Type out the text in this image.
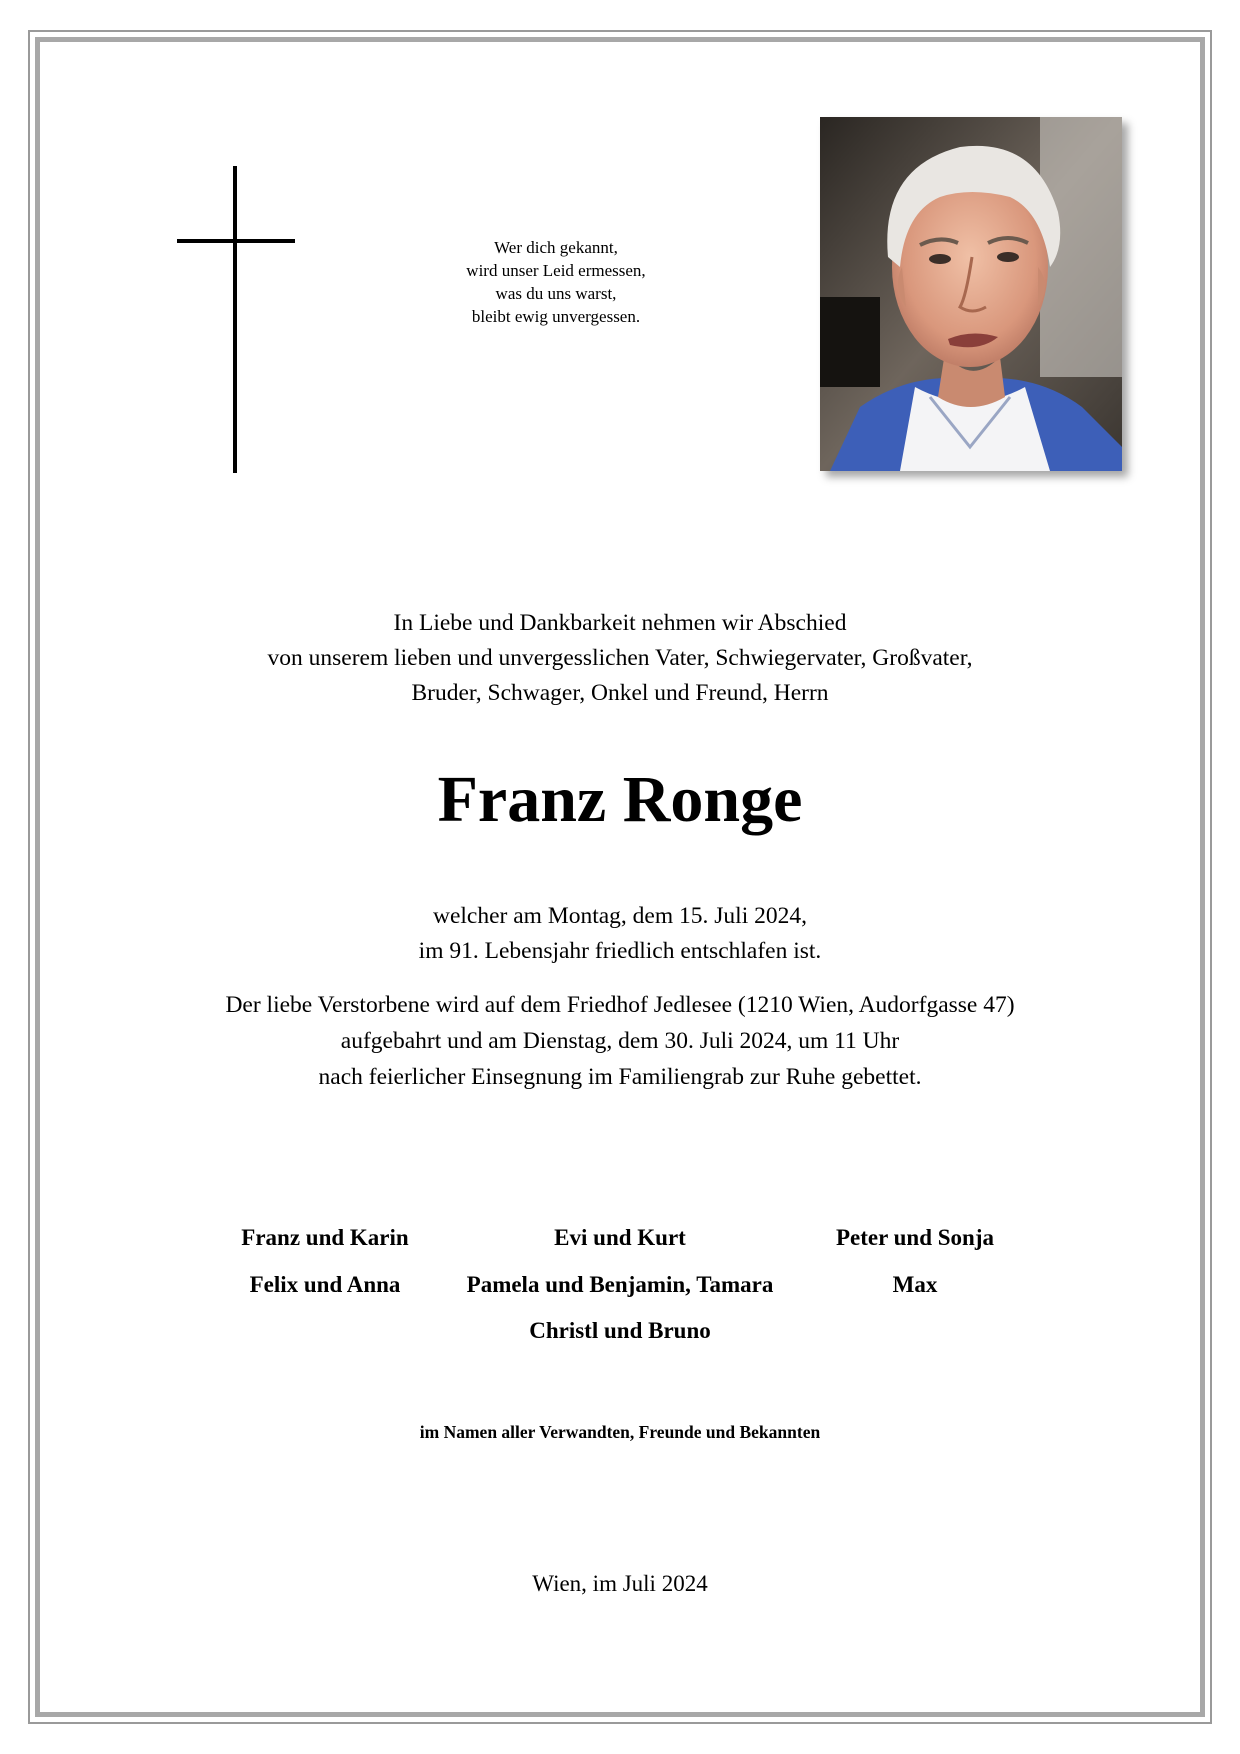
Wer dich gekannt,
wird unser Leid ermessen,
was du uns warst,
bleibt ewig unvergessen.
In Liebe und Dankbarkeit nehmen wir Abschied
von unserem lieben und unvergesslichen Vater, Schwiegervater, Großvater,
Bruder, Schwager, Onkel und Freund, Herrn
Franz Ronge
welcher am Montag, dem 15. Juli 2024,
im 91. Lebensjahr friedlich entschlafen ist.
Der liebe Verstorbene wird auf dem Friedhof Jedlesee (1210 Wien, Audorfgasse 47)
aufgebahrt und am Dienstag, dem 30. Juli 2024, um 11 Uhr
nach feierlicher Einsegnung im Familiengrab zur Ruhe gebettet.
Franz und Karin
Felix und Anna
Evi und Kurt
Pamela und Benjamin, Tamara
Christl und Bruno
Peter und Sonja
Max
im Namen aller Verwandten, Freunde und Bekannten
Wien, im Juli 2024
